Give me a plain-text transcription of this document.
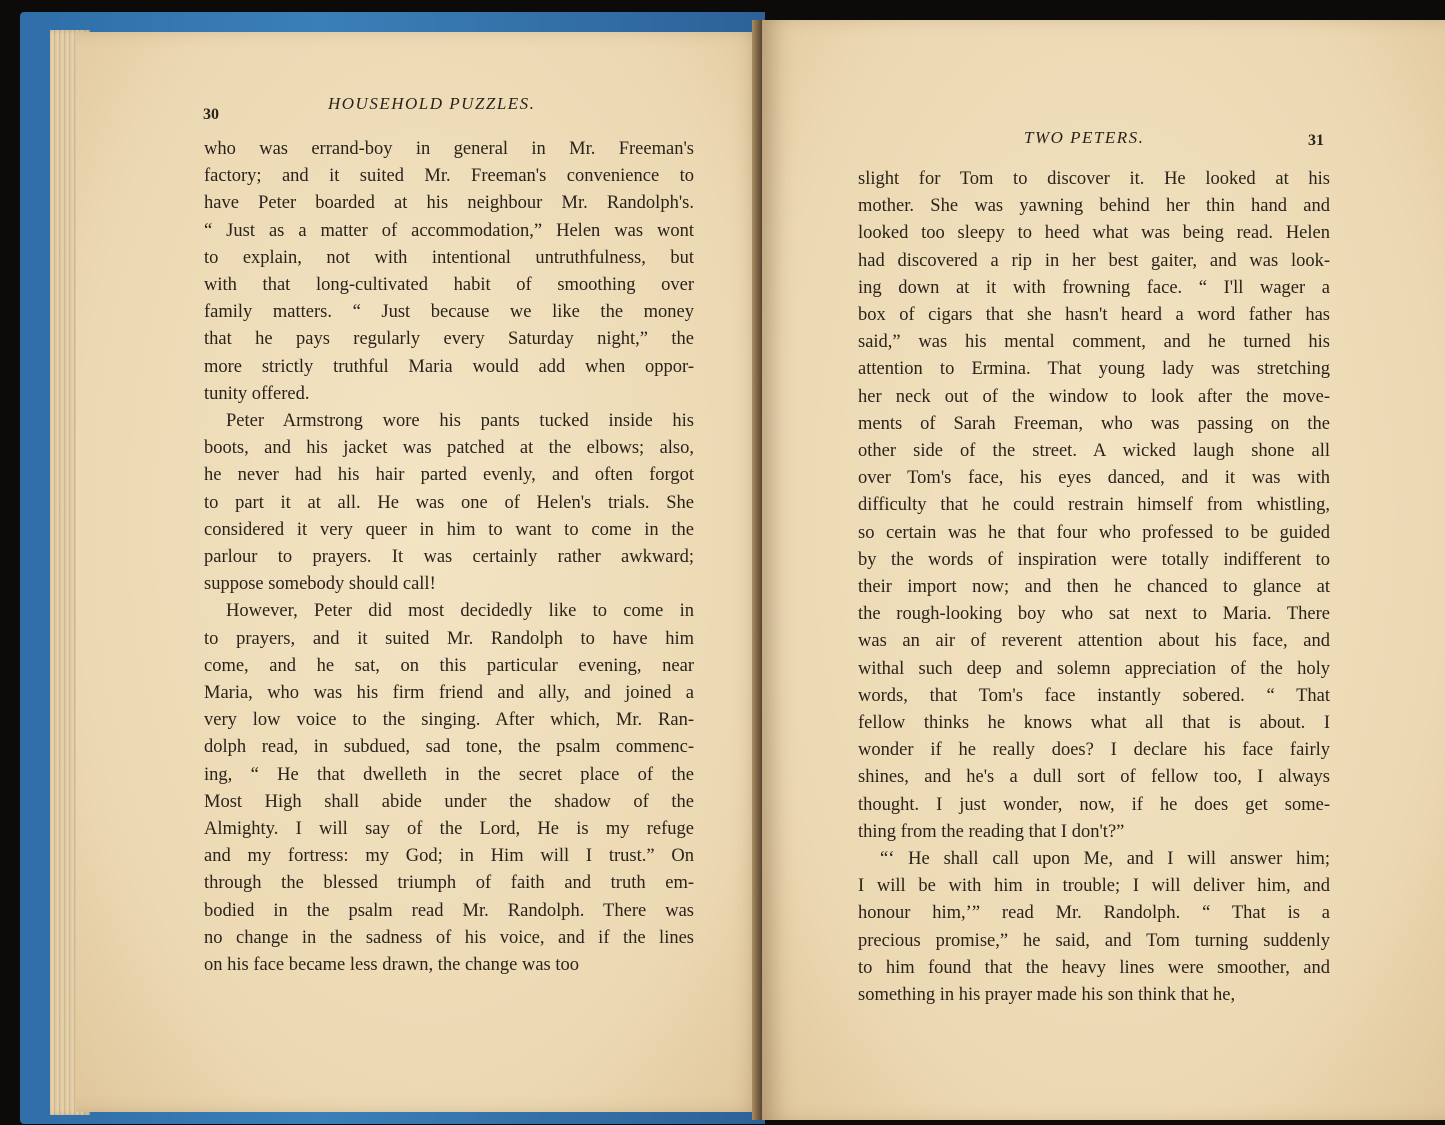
30
HOUSEHOLD PUZZLES.
who was errand-boy in general in Mr. Freeman's
factory; and it suited Mr. Freeman's convenience to
have Peter boarded at his neighbour Mr. Randolph's.
“ Just as a matter of accommodation,” Helen was wont
to explain, not with intentional untruthfulness, but
with that long-cultivated habit of smoothing over
family matters. “ Just because we like the money
that he pays regularly every Saturday night,” the
more strictly truthful Maria would add when oppor-
tunity offered.
Peter Armstrong wore his pants tucked inside his
boots, and his jacket was patched at the elbows; also,
he never had his hair parted evenly, and often forgot
to part it at all. He was one of Helen's trials. She
considered it very queer in him to want to come in the
parlour to prayers. It was certainly rather awkward;
suppose somebody should call!
However, Peter did most decidedly like to come in
to prayers, and it suited Mr. Randolph to have him
come, and he sat, on this particular evening, near
Maria, who was his firm friend and ally, and joined a
very low voice to the singing. After which, Mr. Ran-
dolph read, in subdued, sad tone, the psalm commenc-
ing, “ He that dwelleth in the secret place of the
Most High shall abide under the shadow of the
Almighty. I will say of the Lord, He is my refuge
and my fortress: my God; in Him will I trust.” On
through the blessed triumph of faith and truth em-
bodied in the psalm read Mr. Randolph. There was
no change in the sadness of his voice, and if the lines
on his face became less drawn, the change was too
TWO PETERS.	31
slight for Tom to discover it. He looked at his
mother. She was yawning behind her thin hand and
looked too sleepy to heed what was being read. Helen
had discovered a rip in her best gaiter, and was look-
ing down at it with frowning face. “ I'll wager a
box of cigars that she hasn't heard a word father has
said,” was his mental comment, and he turned his
attention to Ermina. That young lady was stretching
her neck out of the window to look after the move-
ments of Sarah Freeman, who was passing on the
other side of the street. A wicked laugh shone all
over Tom's face, his eyes danced, and it was with
difficulty that he could restrain himself from whistling,
so certain was he that four who professed to be guided
by the words of inspiration were totally indifferent to
their import now; and then he chanced to glance at
the rough-looking boy who sat next to Maria. There
was an air of reverent attention about his face, and
withal such deep and solemn appreciation of the holy
words, that Tom's face instantly sobered. “ That
fellow thinks he knows what all that is about. I
wonder if he really does? I declare his face fairly
shines, and he's a dull sort of fellow too, I always
thought. I just wonder, now, if he does get some-
thing from the reading that I don't?”
“‘ He shall call upon Me, and I will answer him;
I will be with him in trouble; I will deliver him, and
honour him,’” read Mr. Randolph. “ That is a
precious promise,” he said, and Tom turning suddenly
to him found that the heavy lines were smoother, and
something in his prayer made his son think that he,
